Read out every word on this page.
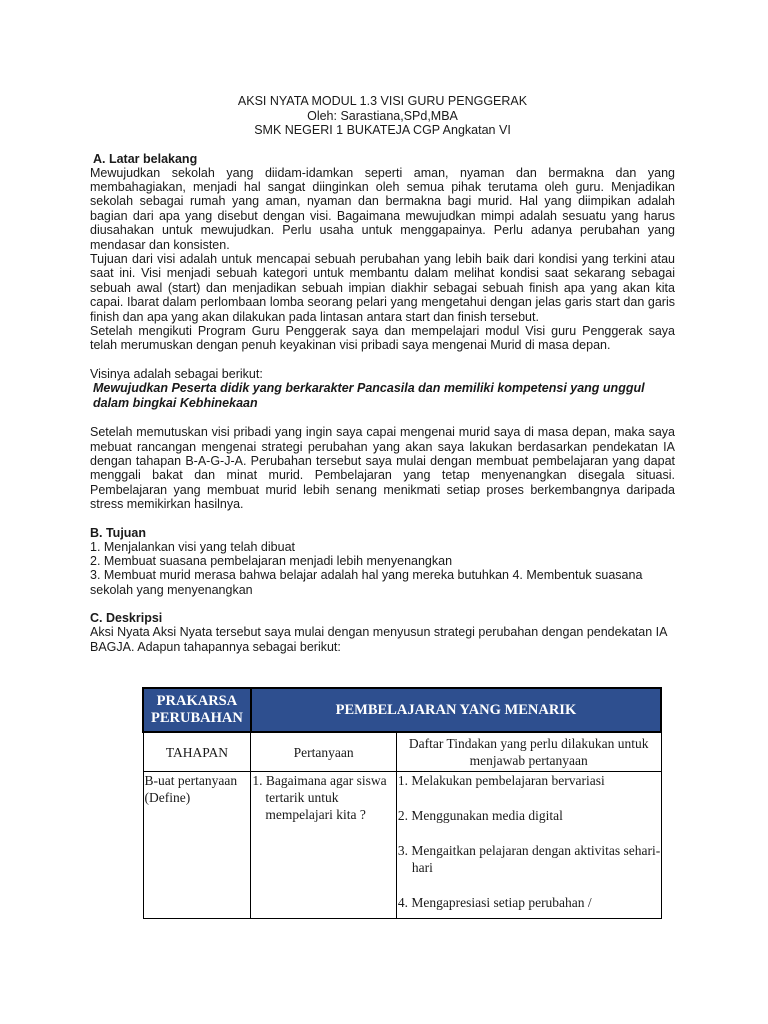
AKSI NYATA MODUL 1.3 VISI GURU PENGGERAK
Oleh: Sarastiana,SPd,MBA
SMK NEGERI 1 BUKATEJA CGP Angkatan VI
A. Latar belakang
Mewujudkan sekolah yang diidam-idamkan seperti aman, nyaman dan bermakna dan yang membahagiakan, menjadi hal sangat diinginkan oleh semua pihak terutama oleh guru. Menjadikan sekolah sebagai rumah yang aman, nyaman dan bermakna bagi murid. Hal yang diimpikan adalah bagian dari apa yang disebut dengan visi. Bagaimana mewujudkan mimpi adalah sesuatu yang harus diusahakan untuk mewujudkan. Perlu usaha untuk menggapainya. Perlu adanya perubahan yang mendasar dan konsisten.
Tujuan dari visi adalah untuk mencapai sebuah perubahan yang lebih baik dari kondisi yang terkini atau saat ini. Visi menjadi sebuah kategori untuk membantu dalam melihat kondisi saat sekarang sebagai sebuah awal (start) dan menjadikan sebuah impian diakhir sebagai sebuah finish apa yang akan kita capai. Ibarat dalam perlombaan lomba seorang pelari yang mengetahui dengan jelas garis start dan garis finish dan apa yang akan dilakukan pada lintasan antara start dan finish tersebut.
Setelah mengikuti Program Guru Penggerak saya dan mempelajari modul Visi guru Penggerak saya telah merumuskan dengan penuh keyakinan visi pribadi saya mengenai Murid di masa depan.
Visinya adalah sebagai berikut:
Mewujudkan Peserta didik yang berkarakter Pancasila dan memiliki kompetensi yang unggul dalam bingkai Kebhinekaan
Setelah memutuskan visi pribadi yang ingin saya capai mengenai murid saya di masa depan, maka saya mebuat rancangan mengenai strategi perubahan yang akan saya lakukan berdasarkan pendekatan IA dengan tahapan B-A-G-J-A. Perubahan tersebut saya mulai dengan membuat pembelajaran yang dapat menggali bakat dan minat murid. Pembelajaran yang tetap menyenangkan disegala situasi. Pembelajaran yang membuat murid lebih senang menikmati setiap proses berkembangnya daripada stress memikirkan hasilnya.
B. Tujuan
1. Menjalankan visi yang telah dibuat
2. Membuat suasana pembelajaran menjadi lebih menyenangkan
3. Membuat murid merasa bahwa belajar adalah hal yang mereka butuhkan 4. Membentuk suasana sekolah yang menyenangkan
C. Deskripsi
Aksi Nyata Aksi Nyata tersebut saya mulai dengan menyusun strategi perubahan dengan pendekatan IA BAGJA. Adapun tahapannya sebagai berikut:
PRAKARSA PERUBAHAN	PEMBELAJARAN YANG MENARIK	
TAHAPAN	Pertanyaan	Daftar Tindakan yang perlu dilakukan untuk menjawab pertanyaan
B-uat pertanyaan (Define)	1. Bagaimana agar siswa tertarik untuk mempelajari kita ?	1. Melakukan pembelajaran bervariasi
2. Menggunakan media digital
3. Mengaitkan pelajaran dengan aktivitas sehari-hari
4. Mengapresiasi setiap perubahan /
